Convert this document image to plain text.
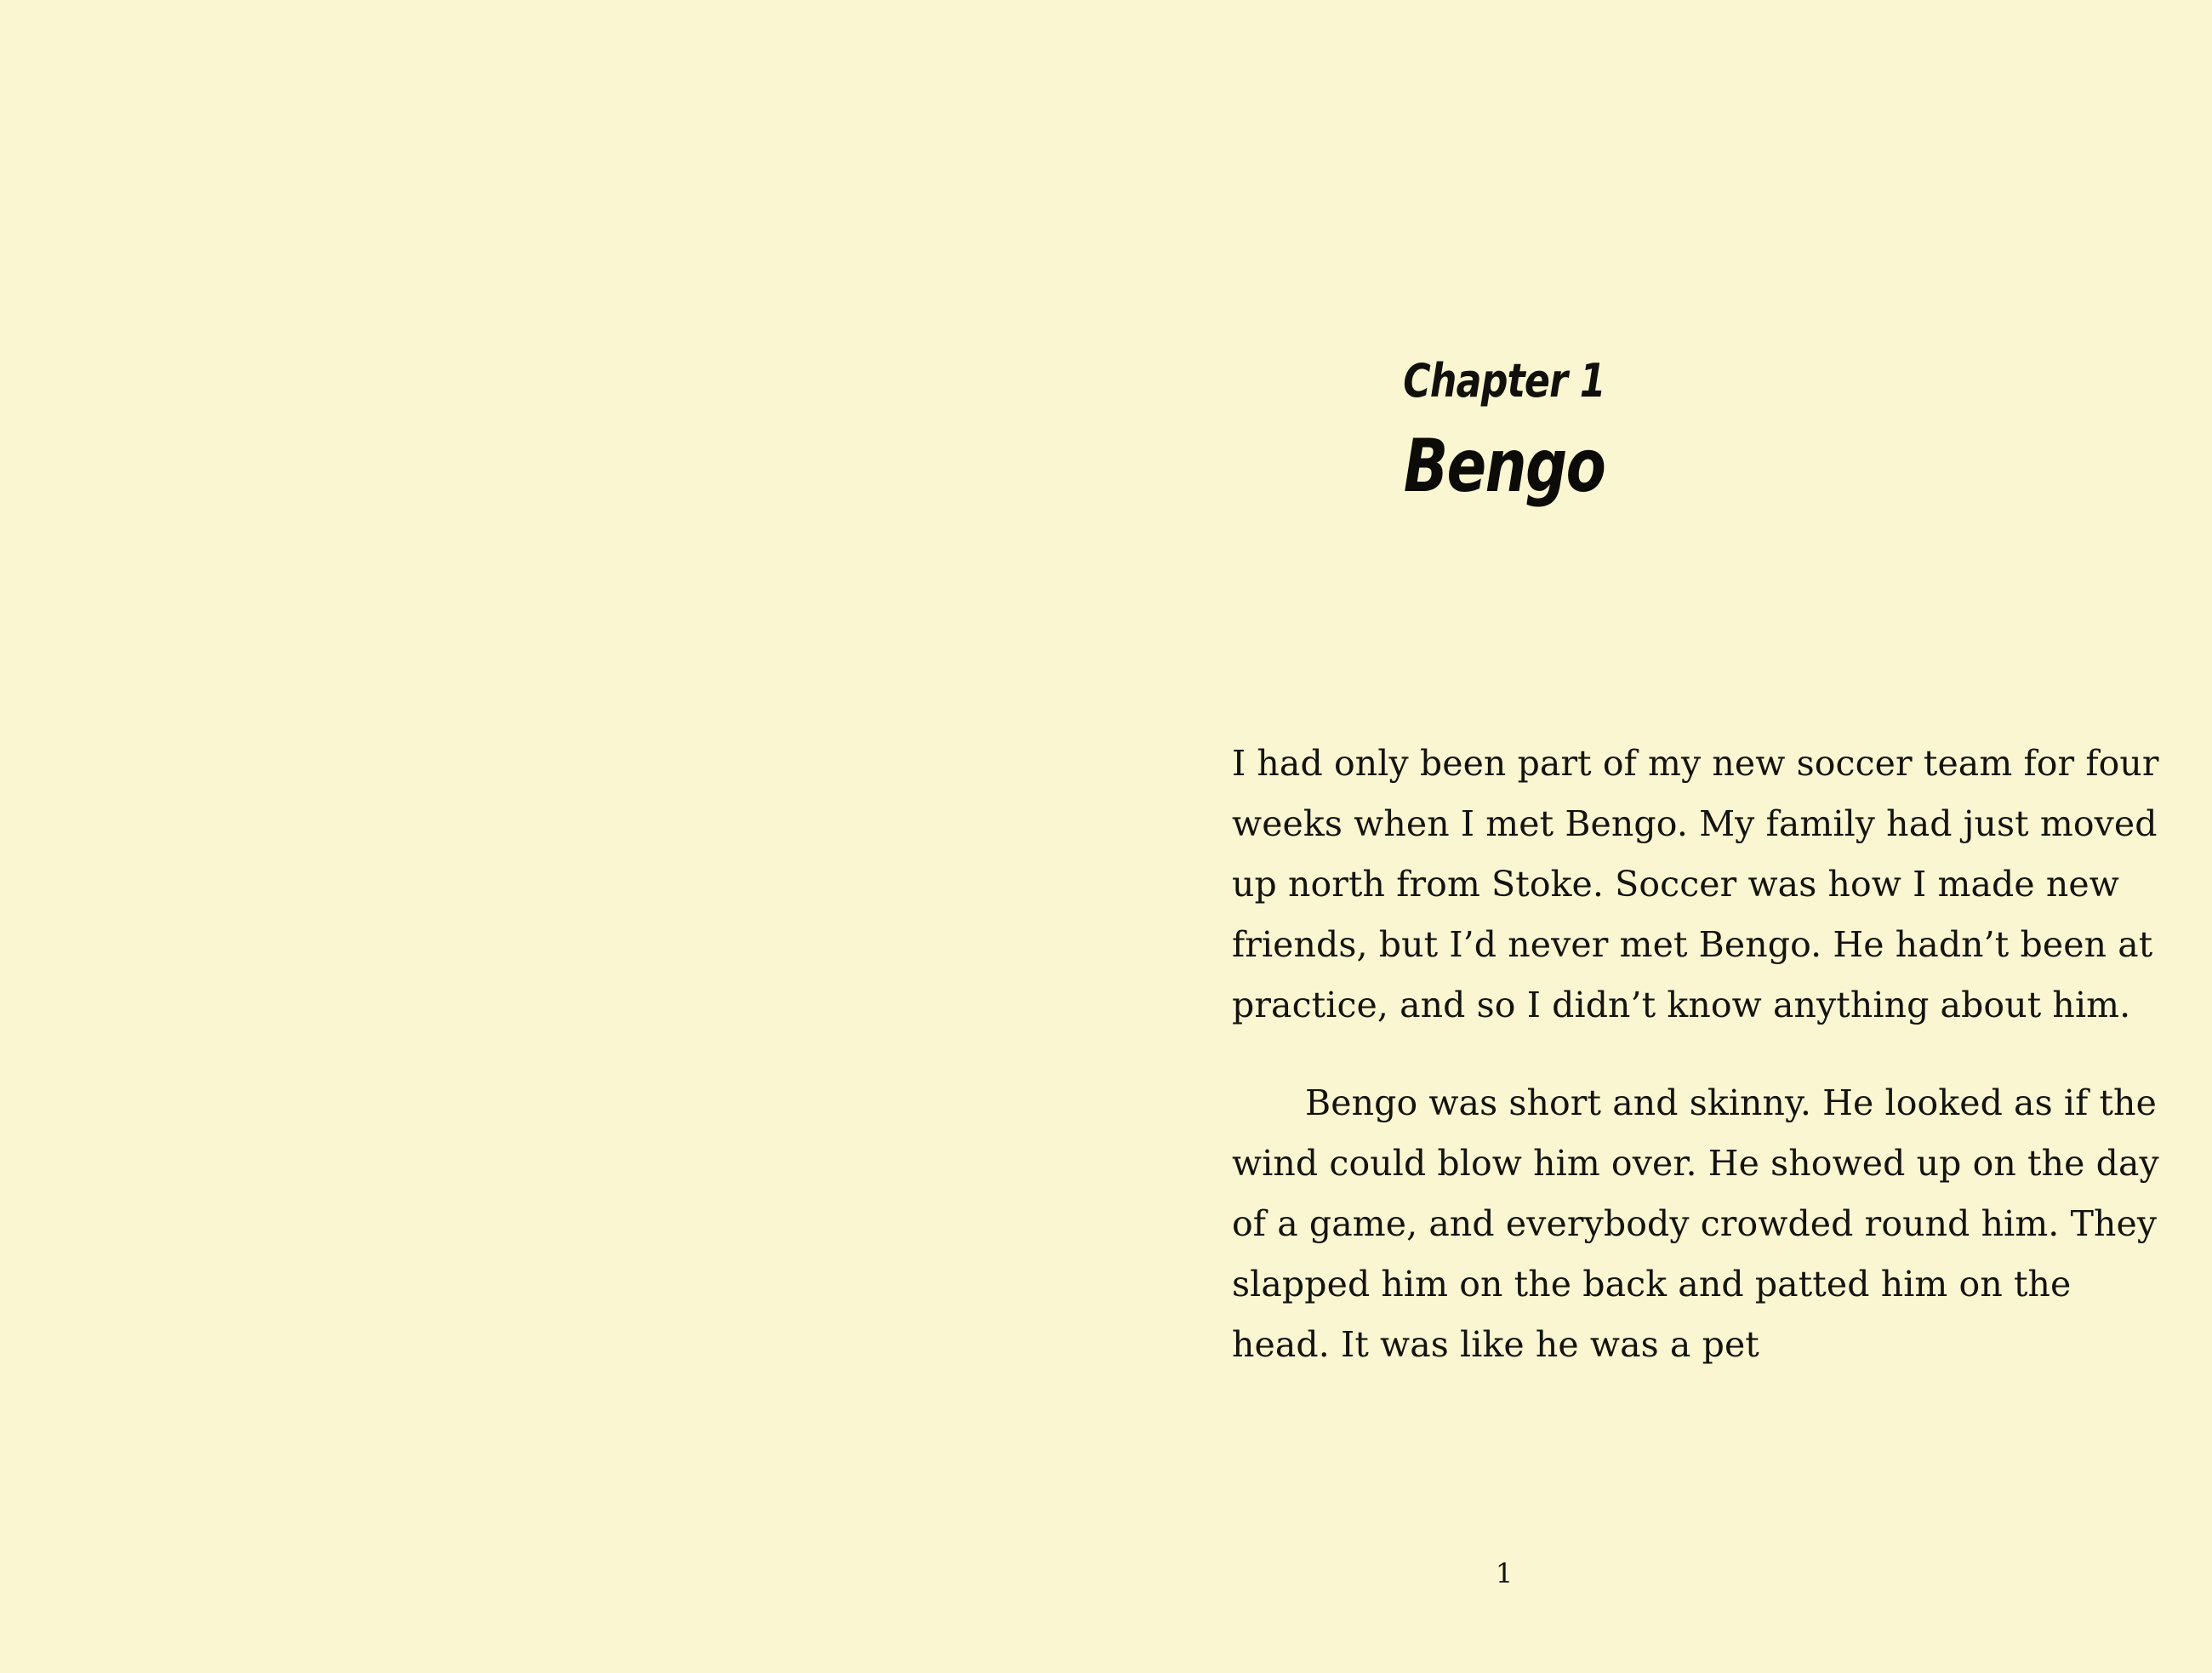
Chapter 1
Bengo

I had only been part of my new soccer team for four weeks when I met Bengo. My family had just moved up north from Stoke. Soccer was how I made new friends, but I’d never met Bengo. He hadn’t been at practice, and so I didn’t know anything about him.

Bengo was short and skinny. He looked as if the wind could blow him over. He showed up on the day of a game, and everybody crowded round him. They slapped him on the back and patted him on the head. It was like he was a pet

1
